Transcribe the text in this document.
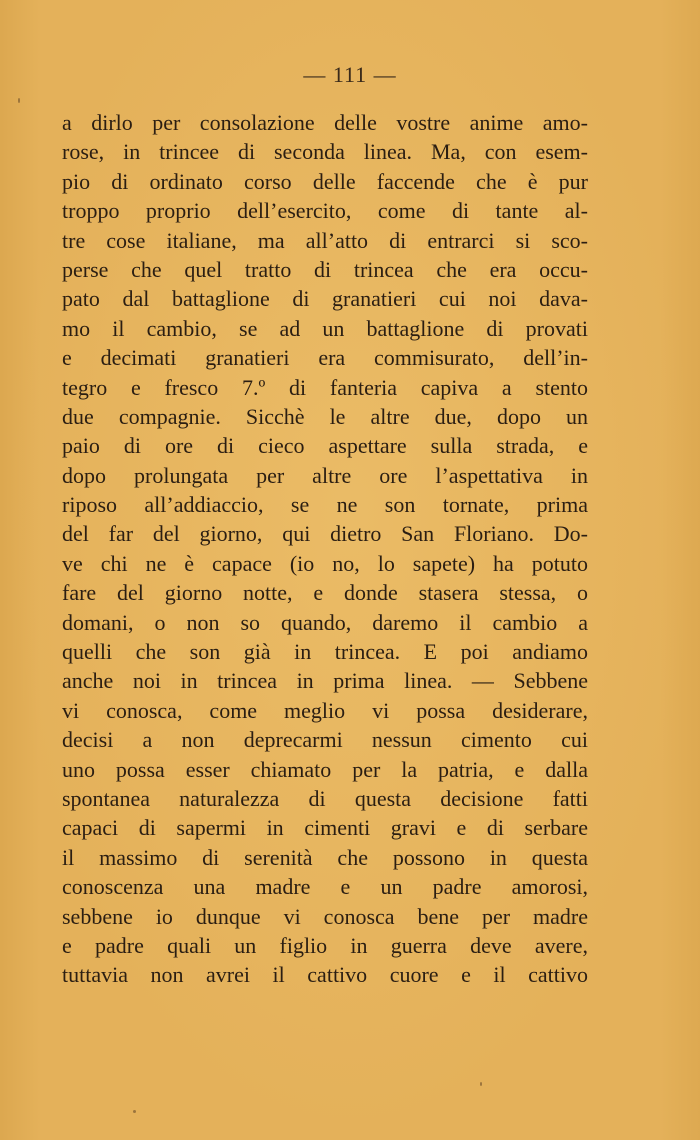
— 111 —
a dirlo per consolazione delle vostre anime amo-
rose, in trincee di seconda linea. Ma, con esem-
pio di ordinato corso delle faccende che è pur
troppo proprio dell’esercito, come di tante al-
tre cose italiane, ma all’atto di entrarci si sco-
perse che quel tratto di trincea che era occu-
pato dal battaglione di granatieri cui noi dava-
mo il cambio, se ad un battaglione di provati
e decimati granatieri era commisurato, dell’in-
tegro e fresco 7.º di fanteria capiva a stento
due compagnie. Sicchè le altre due, dopo un
paio di ore di cieco aspettare sulla strada, e
dopo prolungata per altre ore l’aspettativa in
riposo all’addiaccio, se ne son tornate, prima
del far del giorno, qui dietro San Floriano. Do-
ve chi ne è capace (io no, lo sapete) ha potuto
fare del giorno notte, e donde stasera stessa, o
domani, o non so quando, daremo il cambio a
quelli che son già in trincea. E poi andiamo
anche noi in trincea in prima linea. — Sebbene
vi conosca, come meglio vi possa desiderare,
decisi a non deprecarmi nessun cimento cui
uno possa esser chiamato per la patria, e dalla
spontanea naturalezza di questa decisione fatti
capaci di sapermi in cimenti gravi e di serbare
il massimo di serenità che possono in questa
conoscenza una madre e un padre amorosi,
sebbene io dunque vi conosca bene per madre
e padre quali un figlio in guerra deve avere,
tuttavia non avrei il cattivo cuore e il cattivo
